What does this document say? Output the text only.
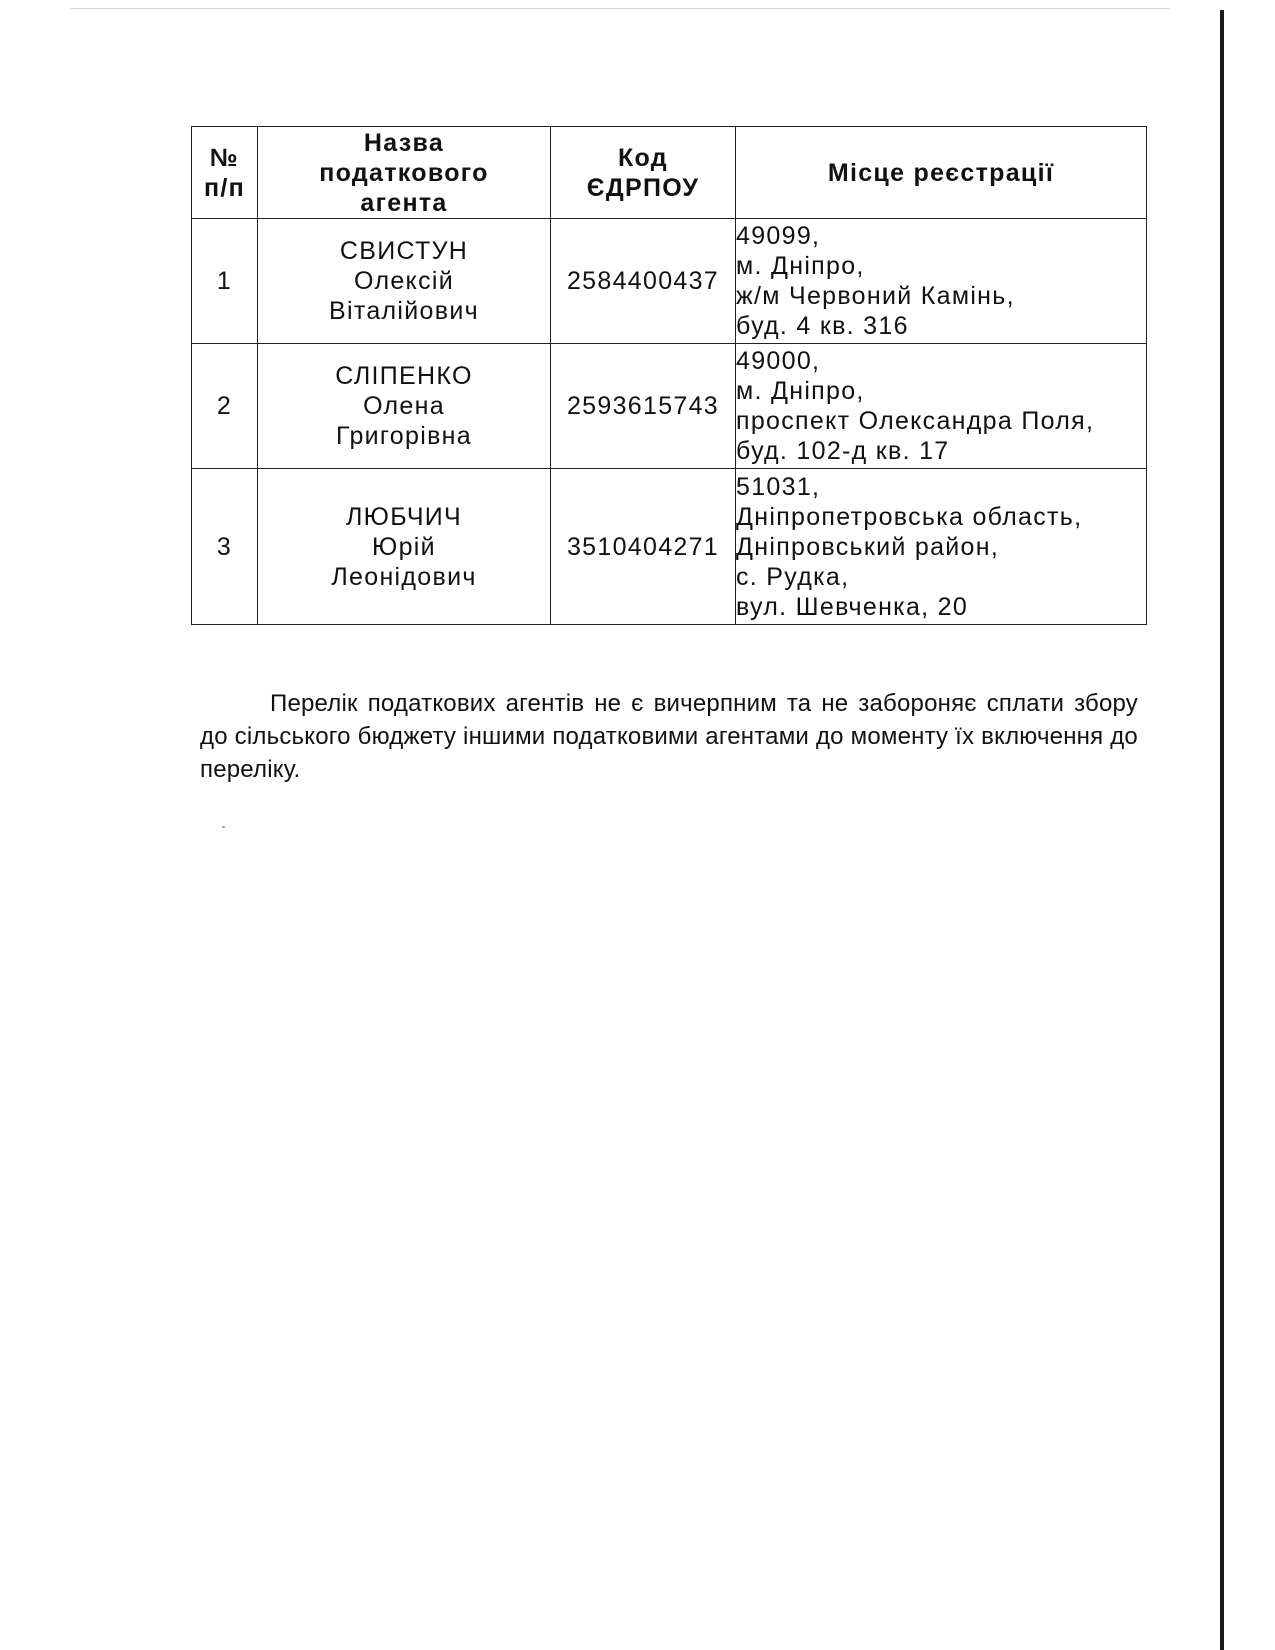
№
п/п	Назва
податкового
агента	Код
ЄДРПОУ	Місце реєстрації
1	СВИСТУН
Олексій
Віталійович	2584400437	49099,
м. Дніпро,
ж/м Червоний Камінь,
буд. 4 кв. 316

2	СЛІПЕНКО
Олена
Григорівна	2593615743	49000,
м. Дніпро,
проспект Олександра Поля,
буд. 102-д кв. 17

3	ЛЮБЧИЧ
Юрій
Леонідович	3510404271	51031,
Дніпропетровська область,
Дніпровський район,
с. Рудка,
вул. Шевченка, 20

Перелік податкових агентів не є вичерпним та не забороняє сплати збору до сільського бюджету іншими податковими агентами до моменту їх включення до переліку.
